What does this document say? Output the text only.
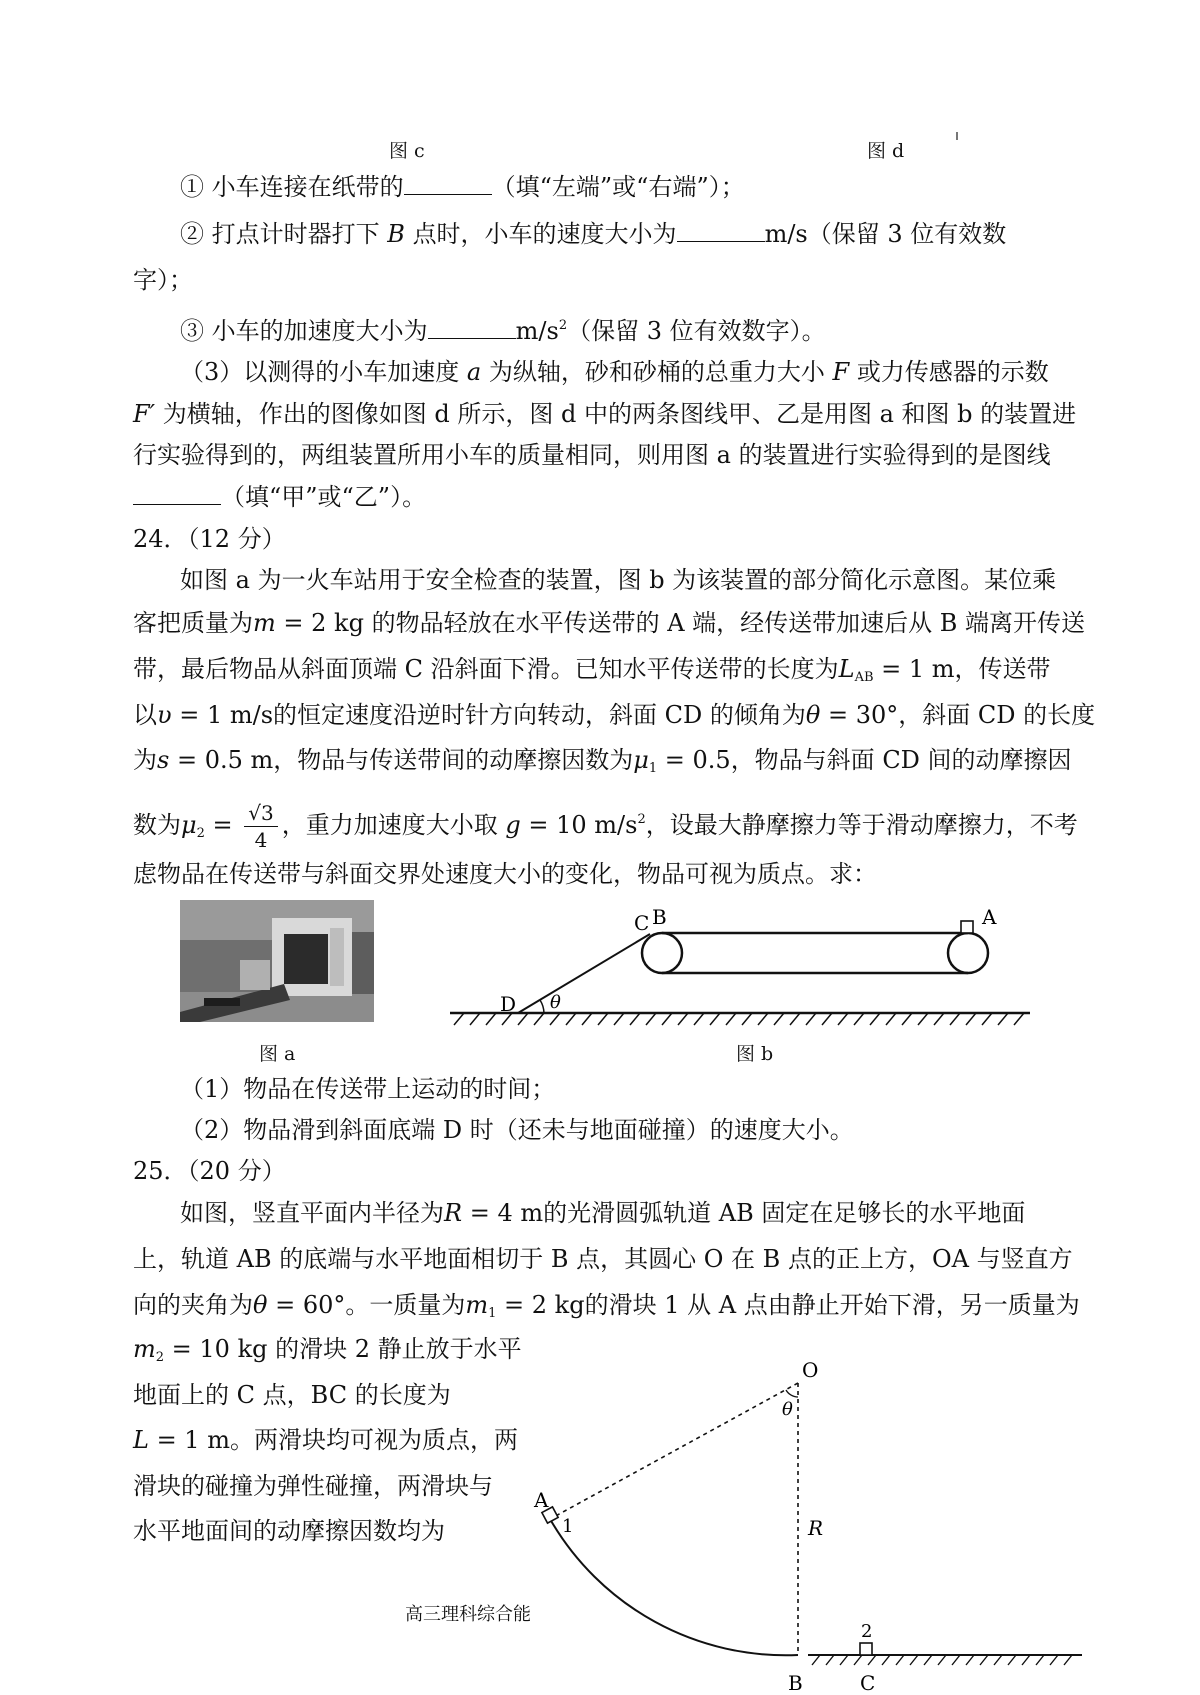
图 c	图 d
① 小车连接在纸带的	（填“左端”或“右端”）；
② 打点计时器打下 B 点时，小车的速度大小为	m/s（保留 3 位有效数
字）；
③ 小车的加速度大小为	$m/s^2$（保留 3 位有效数字）。
（3）以测得的小车加速度 a 为纵轴，砂和砂桶的总重力大小 F 或力传感器的示数
F′ 为横轴，作出的图像如图 d 所示，图 d 中的两条图线甲、乙是用图 a 和图 b 的装置进
行实验得到的，两组装置所用小车的质量相同，则用图 a 的装置进行实验得到的是图线
（填“甲”或“乙”）。
24．（12 分）
如图 a 为一火车站用于安全检查的装置，图 b 为该装置的部分简化示意图。某位乘
客把质量为m = 2 kg 的物品轻放在水平传送带的 A 端，经传送带加速后从 B 端离开传送
带，最后物品从斜面顶端 C 沿斜面下滑。已知水平传送带的长度为$L_{AB} = 1$ m，传送带
以υ = 1 m/s的恒定速度沿逆时针方向转动，斜面 CD 的倾角为θ = 30°，斜面 CD 的长度
为s = 0.5 m，物品与传送带间的动摩擦因数为$\mu_1 = 0.5$，物品与斜面 CD 间的动摩擦因
数为$\mu_2 = \frac{√3}{4}$ ，重力加速度大小取 g = 10 $m/s^2$，设最大静摩擦力等于滑动摩擦力，不考
虑物品在传送带与斜面交界处速度大小的变化，物品可视为质点。求：
C B	A
D θ
图 a	图 b
（1）物品在传送带上运动的时间；
（2）物品滑到斜面底端 D 时（还未与地面碰撞）的速度大小。
25．（20 分）
如图，竖直平面内半径为R = 4 m的光滑圆弧轨道 AB 固定在足够长的水平地面
上，轨道 AB 的底端与水平地面相切于 B 点，其圆心 O 在 B 点的正上方，OA 与竖直方
向的夹角为θ = 60°。一质量为$m_1 = 2$ kg的滑块 1 从 A 点由静止开始下滑，另一质量为
$m_2 = 10$ kg 的滑块 2 静止放于水平
地面上的 C 点，BC 的长度为
L = 1 m。两滑块均可视为质点，两
滑块的碰撞为弹性碰撞，两滑块与
水平地面间的动摩擦因数均为
高三理科综合能
O
θ
A
1	R
2
B	C
